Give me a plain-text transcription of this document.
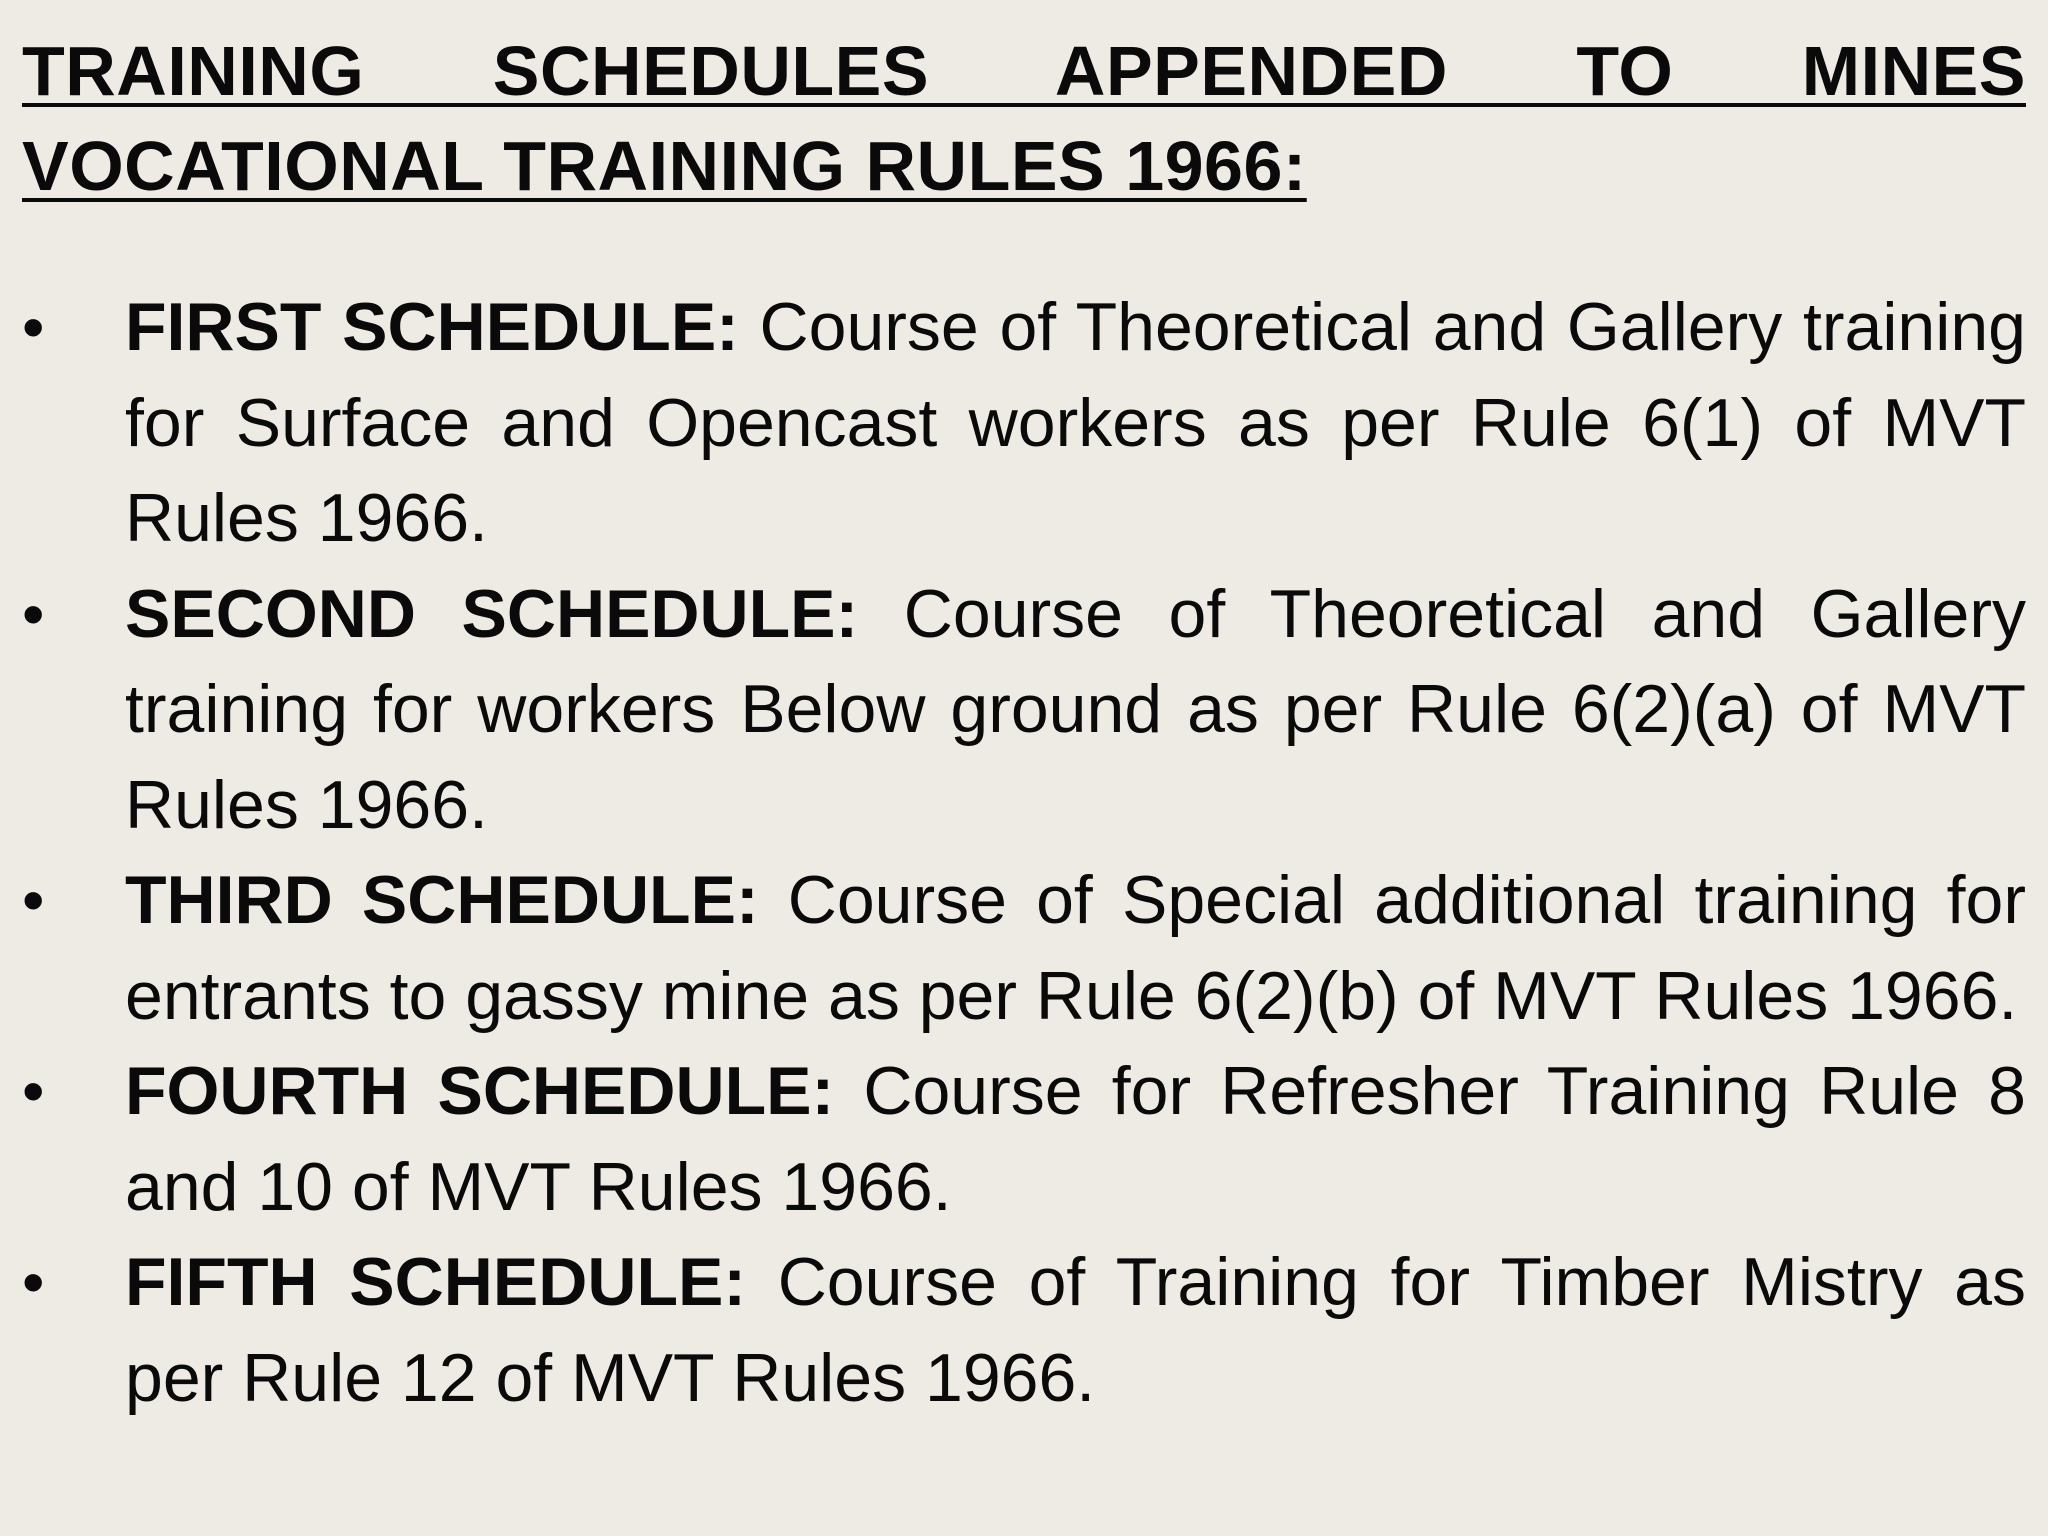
TRAINING SCHEDULES APPENDED TO MINES VOCATIONAL TRAINING RULES 1966:
• FIRST SCHEDULE: Course of Theoretical and Gallery training for Surface and Opencast workers as per Rule 6(1) of MVT Rules 1966.
• SECOND SCHEDULE: Course of Theoretical and Gallery training for workers Below ground as per Rule 6(2)(a) of MVT Rules 1966.
• THIRD SCHEDULE: Course of Special additional training for entrants to gassy mine as per Rule 6(2)(b) of MVT Rules 1966.
• FOURTH SCHEDULE: Course for Refresher Training Rule 8 and 10 of MVT Rules 1966.
• FIFTH SCHEDULE: Course of Training for Timber Mistry as per Rule 12 of MVT Rules 1966.
